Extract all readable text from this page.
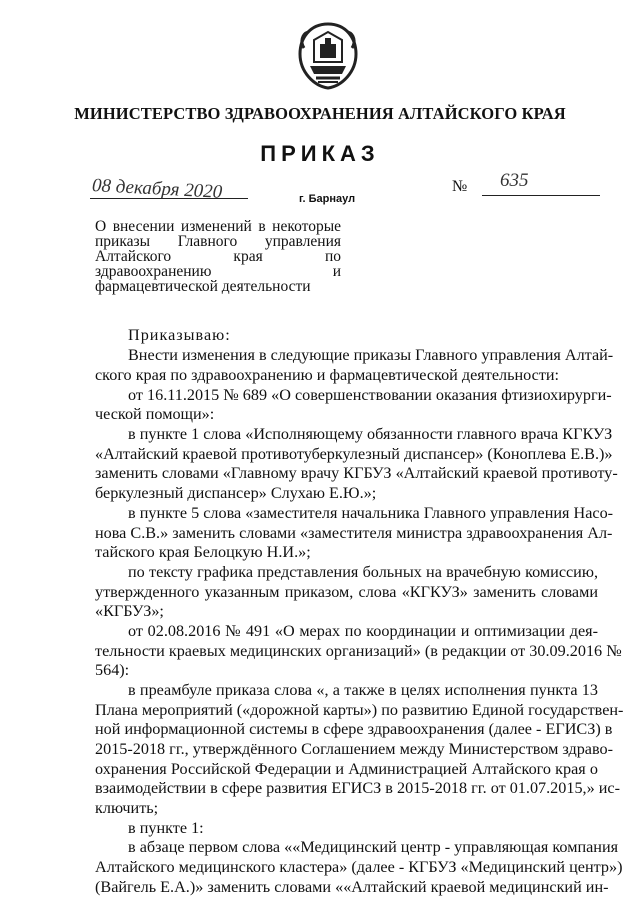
МИНИСТЕРСТВО ЗДРАВООХРАНЕНИЯ АЛТАЙСКОГО КРАЯ
ПРИКАЗ
08 декабря 2020	г. Барнаул
№ 635
О внесении изменений в некоторые приказы Главного управления Алтайского края по здравоохранению и фармацевтической деятельности
Приказываю:
Внести изменения в следующие приказы Главного управления Алтай-
ского края по здравоохранению и фармацевтической деятельности:
от 16.11.2015 № 689 «О совершенствовании оказания фтизиохирурги-
ческой помощи»:
в пункте 1 слова «Исполняющему обязанности главного врача КГКУЗ
«Алтайский краевой противотуберкулезный диспансер» (Коноплева Е.В.)»
заменить словами «Главному врачу КГБУЗ «Алтайский краевой противоту-
беркулезный диспансер» Слухаю Е.Ю.»;
в пункте 5 слова «заместителя начальника Главного управления Насо-
нова С.В.» заменить словами «заместителя министра здравоохранения Ал-
тайского края Белоцкую Н.И.»;
по тексту графика представления больных на врачебную комиссию,
утвержденного указанным приказом, слова «КГКУЗ» заменить словами
«КГБУЗ»;
от 02.08.2016 № 491 «О мерах по координации и оптимизации дея-
тельности краевых медицинских организаций» (в редакции от 30.09.2016 №
564):
в преамбуле приказа слова «, а также в целях исполнения пункта 13
Плана мероприятий («дорожной карты») по развитию Единой государствен-
ной информационной системы в сфере здравоохранения (далее - ЕГИСЗ) в
2015-2018 гг., утверждённого Соглашением между Министерством здраво-
охранения Российской Федерации и Администрацией Алтайского края о
взаимодействии в сфере развития ЕГИСЗ в 2015-2018 гг. от 01.07.2015,» ис-
ключить;
в пункте 1:
в абзаце первом слова ««Медицинский центр - управляющая компания
Алтайского медицинского кластера» (далее - КГБУЗ «Медицинский центр»)
(Вайгель Е.А.)» заменить словами ««Алтайский краевой медицинский ин-
